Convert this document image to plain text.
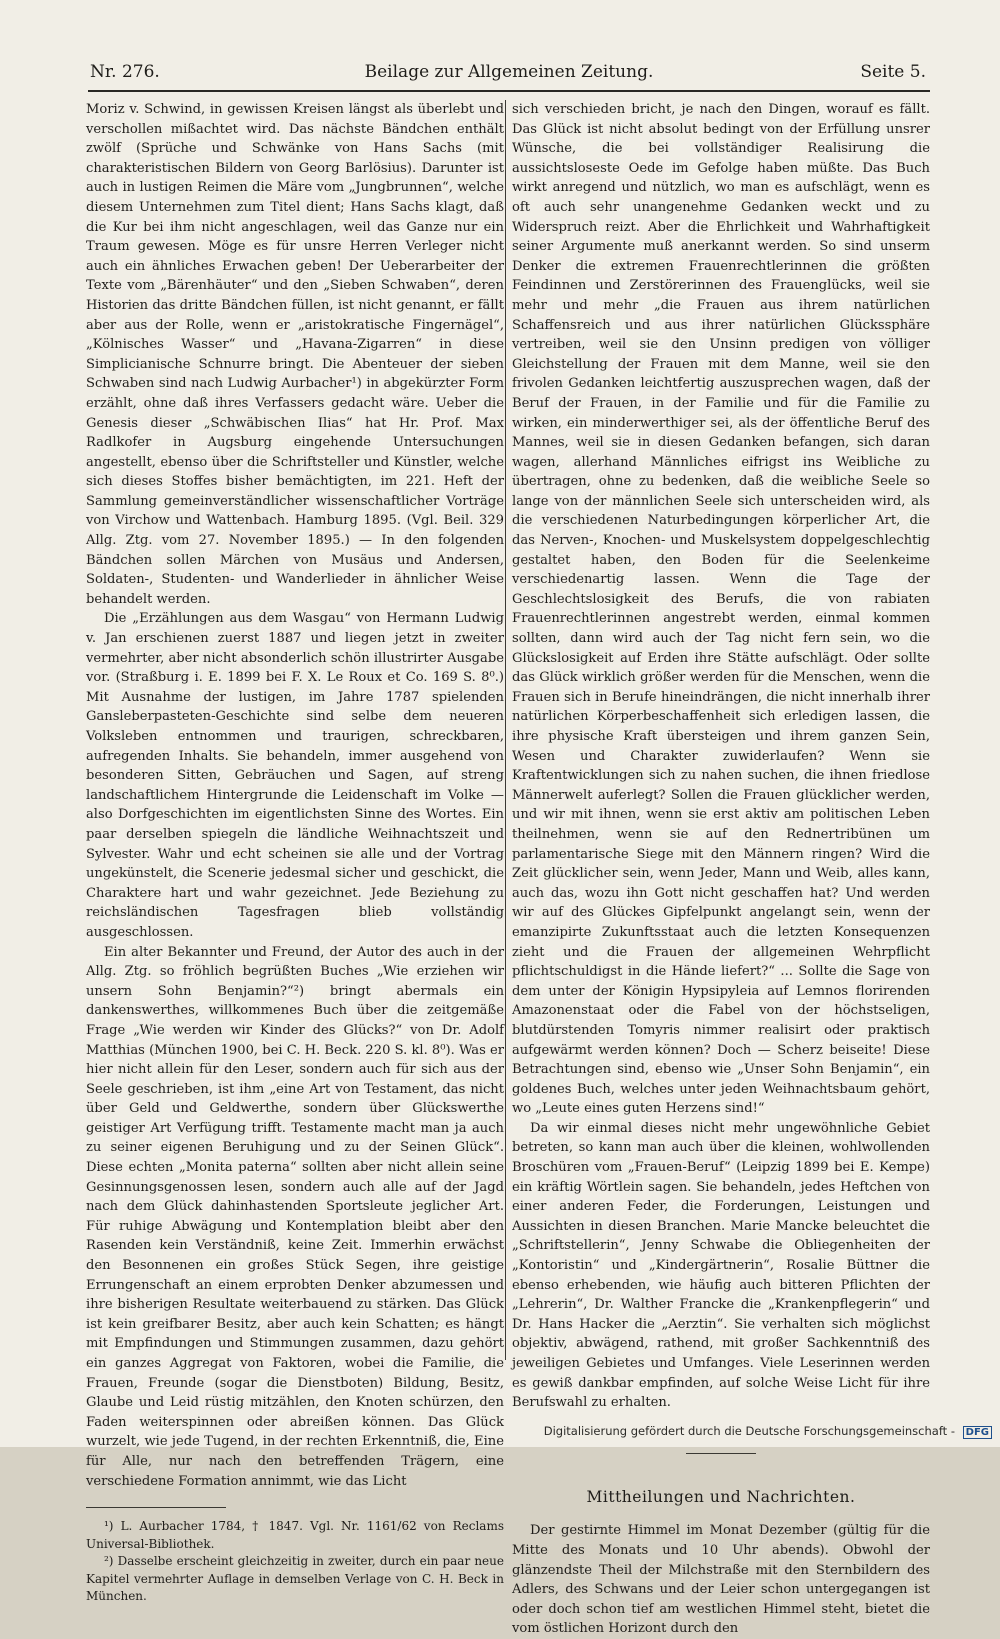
Nr. 276.	Beilage zur Allgemeinen Zeitung.	Seite 5.

Moriz v. Schwind, in gewissen Kreisen längst als überlebt und verschollen mißachtet wird. Das nächste Bändchen enthält zwölf (Sprüche und Schwänke von Hans Sachs (mit charakteristischen Bildern von Georg Barlösius). Darunter ist auch in lustigen Reimen die Märe vom „Jungbrunnen“, welche diesem Unternehmen zum Titel dient; Hans Sachs klagt, daß die Kur bei ihm nicht angeschlagen, weil das Ganze nur ein Traum gewesen. Möge es für unsre Herren Verleger nicht auch ein ähnliches Erwachen geben! Der Ueberarbeiter der Texte vom „Bärenhäuter“ und den „Sieben Schwaben“, deren Historien das dritte Bändchen füllen, ist nicht genannt, er fällt aber aus der Rolle, wenn er „aristokratische Fingernägel“, „Kölnisches Wasser“ und „Havana-Zigarren“ in diese Simplicianische Schnurre bringt. Die Abenteuer der sieben Schwaben sind nach Ludwig Aurbacher¹) in abgekürzter Form erzählt, ohne daß ihres Verfassers gedacht wäre. Ueber die Genesis dieser „Schwäbischen Ilias“ hat Hr. Prof. Max Radlkofer in Augsburg eingehende Untersuchungen angestellt, ebenso über die Schriftsteller und Künstler, welche sich dieses Stoffes bisher bemächtigten, im 221. Heft der Sammlung gemeinverständlicher wissenschaftlicher Vorträge von Virchow und Wattenbach. Hamburg 1895. (Vgl. Beil. 329 Allg. Ztg. vom 27. November 1895.) — In den folgenden Bändchen sollen Märchen von Musäus und Andersen, Soldaten-, Studenten- und Wanderlieder in ähnlicher Weise behandelt werden.

Die „Erzählungen aus dem Wasgau“ von Hermann Ludwig v. Jan erschienen zuerst 1887 und liegen jetzt in zweiter vermehrter, aber nicht absonderlich schön illustrirter Ausgabe vor. (Straßburg i. E. 1899 bei F. X. Le Roux et Co. 169 S. 8⁰.) Mit Ausnahme der lustigen, im Jahre 1787 spielenden Gansleberpasteten-Geschichte sind selbe dem neueren Volksleben entnommen und traurigen, schreckbaren, aufregenden Inhalts. Sie behandeln, immer ausgehend von besonderen Sitten, Gebräuchen und Sagen, auf streng landschaftlichem Hintergrunde die Leidenschaft im Volke — also Dorfgeschichten im eigentlichsten Sinne des Wortes. Ein paar derselben spiegeln die ländliche Weihnachtszeit und Sylvester. Wahr und echt scheinen sie alle und der Vortrag ungekünstelt, die Scenerie jedesmal sicher und geschickt, die Charaktere hart und wahr gezeichnet. Jede Beziehung zu reichsländischen Tagesfragen blieb vollständig ausgeschlossen.

Ein alter Bekannter und Freund, der Autor des auch in der Allg. Ztg. so fröhlich begrüßten Buches „Wie erziehen wir unsern Sohn Benjamin?“²) bringt abermals ein dankenswerthes, willkommenes Buch über die zeitgemäße Frage „Wie werden wir Kinder des Glücks?“ von Dr. Adolf Matthias (München 1900, bei C. H. Beck. 220 S. kl. 8⁰). Was er hier nicht allein für den Leser, sondern auch für sich aus der Seele geschrieben, ist ihm „eine Art von Testament, das nicht über Geld und Geldwerthe, sondern über Glückswerthe geistiger Art Verfügung trifft. Testamente macht man ja auch zu seiner eigenen Beruhigung und zu der Seinen Glück“. Diese echten „Monita paterna“ sollten aber nicht allein seine Gesinnungsgenossen lesen, sondern auch alle auf der Jagd nach dem Glück dahinhastenden Sportsleute jeglicher Art. Für ruhige Abwägung und Kontemplation bleibt aber den Rasenden kein Verständniß, keine Zeit. Immerhin erwächst den Besonnenen ein großes Stück Segen, ihre geistige Errungenschaft an einem erprobten Denker abzumessen und ihre bisherigen Resultate weiterbauend zu stärken. Das Glück ist kein greifbarer Besitz, aber auch kein Schatten; es hängt mit Empfindungen und Stimmungen zusammen, dazu gehört ein ganzes Aggregat von Faktoren, wobei die Familie, die Frauen, Freunde (sogar die Dienstboten) Bildung, Besitz, Glaube und Leid rüstig mitzählen, den Knoten schürzen, den Faden weiterspinnen oder abreißen können. Das Glück wurzelt, wie jede Tugend, in der rechten Erkenntniß, die, Eine für Alle, nur nach den betreffenden Trägern, eine verschiedene Formation annimmt, wie das Licht

¹) L. Aurbacher 1784, † 1847. Vgl. Nr. 1161/62 von Reclams Universal-Bibliothek.

²) Dasselbe erscheint gleichzeitig in zweiter, durch ein paar neue Kapitel vermehrter Auflage in demselben Verlage von C. H. Beck in München.

sich verschieden bricht, je nach den Dingen, worauf es fällt. Das Glück ist nicht absolut bedingt von der Erfüllung unsrer Wünsche, die bei vollständiger Realisirung die aussichtsloseste Oede im Gefolge haben müßte. Das Buch wirkt anregend und nützlich, wo man es aufschlägt, wenn es oft auch sehr unangenehme Gedanken weckt und zu Widerspruch reizt. Aber die Ehrlichkeit und Wahrhaftigkeit seiner Argumente muß anerkannt werden. So sind unserm Denker die extremen Frauenrechtlerinnen die größten Feindinnen und Zerstörerinnen des Frauenglücks, weil sie mehr und mehr „die Frauen aus ihrem natürlichen Schaffensreich und aus ihrer natürlichen Glückssphäre vertreiben, weil sie den Unsinn predigen von völliger Gleichstellung der Frauen mit dem Manne, weil sie den frivolen Gedanken leichtfertig auszusprechen wagen, daß der Beruf der Frauen, in der Familie und für die Familie zu wirken, ein minderwerthiger sei, als der öffentliche Beruf des Mannes, weil sie in diesen Gedanken befangen, sich daran wagen, allerhand Männliches eifrigst ins Weibliche zu übertragen, ohne zu bedenken, daß die weibliche Seele so lange von der männlichen Seele sich unterscheiden wird, als die verschiedenen Naturbedingungen körperlicher Art, die das Nerven-, Knochen- und Muskelsystem doppelgeschlechtig gestaltet haben, den Boden für die Seelenkeime verschiedenartig lassen. Wenn die Tage der Geschlechtslosigkeit des Berufs, die von rabiaten Frauenrechtlerinnen angestrebt werden, einmal kommen sollten, dann wird auch der Tag nicht fern sein, wo die Glückslosigkeit auf Erden ihre Stätte aufschlägt. Oder sollte das Glück wirklich größer werden für die Menschen, wenn die Frauen sich in Berufe hineindrängen, die nicht innerhalb ihrer natürlichen Körperbeschaffenheit sich erledigen lassen, die ihre physische Kraft übersteigen und ihrem ganzen Sein, Wesen und Charakter zuwiderlaufen? Wenn sie Kraftentwicklungen sich zu nahen suchen, die ihnen friedlose Männerwelt auferlegt? Sollen die Frauen glücklicher werden, und wir mit ihnen, wenn sie erst aktiv am politischen Leben theilnehmen, wenn sie auf den Rednertribünen um parlamentarische Siege mit den Männern ringen? Wird die Zeit glücklicher sein, wenn Jeder, Mann und Weib, alles kann, auch das, wozu ihn Gott nicht geschaffen hat? Und werden wir auf des Glückes Gipfelpunkt angelangt sein, wenn der emanzipirte Zukunftsstaat auch die letzten Konsequenzen zieht und die Frauen der allgemeinen Wehrpflicht pflichtschuldigst in die Hände liefert?“ ... Sollte die Sage von dem unter der Königin Hypsipyleia auf Lemnos florirenden Amazonenstaat oder die Fabel von der höchstseligen, blutdürstenden Tomyris nimmer realisirt oder praktisch aufgewärmt werden können? Doch — Scherz beiseite! Diese Betrachtungen sind, ebenso wie „Unser Sohn Benjamin“, ein goldenes Buch, welches unter jeden Weihnachtsbaum gehört, wo „Leute eines guten Herzens sind!“

Da wir einmal dieses nicht mehr ungewöhnliche Gebiet betreten, so kann man auch über die kleinen, wohlwollenden Broschüren vom „Frauen-Beruf“ (Leipzig 1899 bei E. Kempe) ein kräftig Wörtlein sagen. Sie behandeln, jedes Heftchen von einer anderen Feder, die Forderungen, Leistungen und Aussichten in diesen Branchen. Marie Mancke beleuchtet die „Schriftstellerin“, Jenny Schwabe die Obliegenheiten der „Kontoristin“ und „Kindergärtnerin“, Rosalie Büttner die ebenso erhebenden, wie häufig auch bitteren Pflichten der „Lehrerin“, Dr. Walther Francke die „Krankenpflegerin“ und Dr. Hans Hacker die „Aerztin“. Sie verhalten sich möglichst objektiv, abwägend, rathend, mit großer Sachkenntniß des jeweiligen Gebietes und Umfanges. Viele Leserinnen werden es gewiß dankbar empfinden, auf solche Weise Licht für ihre Berufswahl zu erhalten.

Mittheilungen und Nachrichten.

Der gestirnte Himmel im Monat Dezember (gültig für die Mitte des Monats und 10 Uhr abends). Obwohl der glänzendste Theil der Milchstraße mit den Sternbildern des Adlers, des Schwans und der Leier schon untergegangen ist oder doch schon tief am westlichen Himmel steht, bietet die vom östlichen Horizont durch den

Digitalisierung gefördert durch die Deutsche Forschungsgemeinschaft - DFG
